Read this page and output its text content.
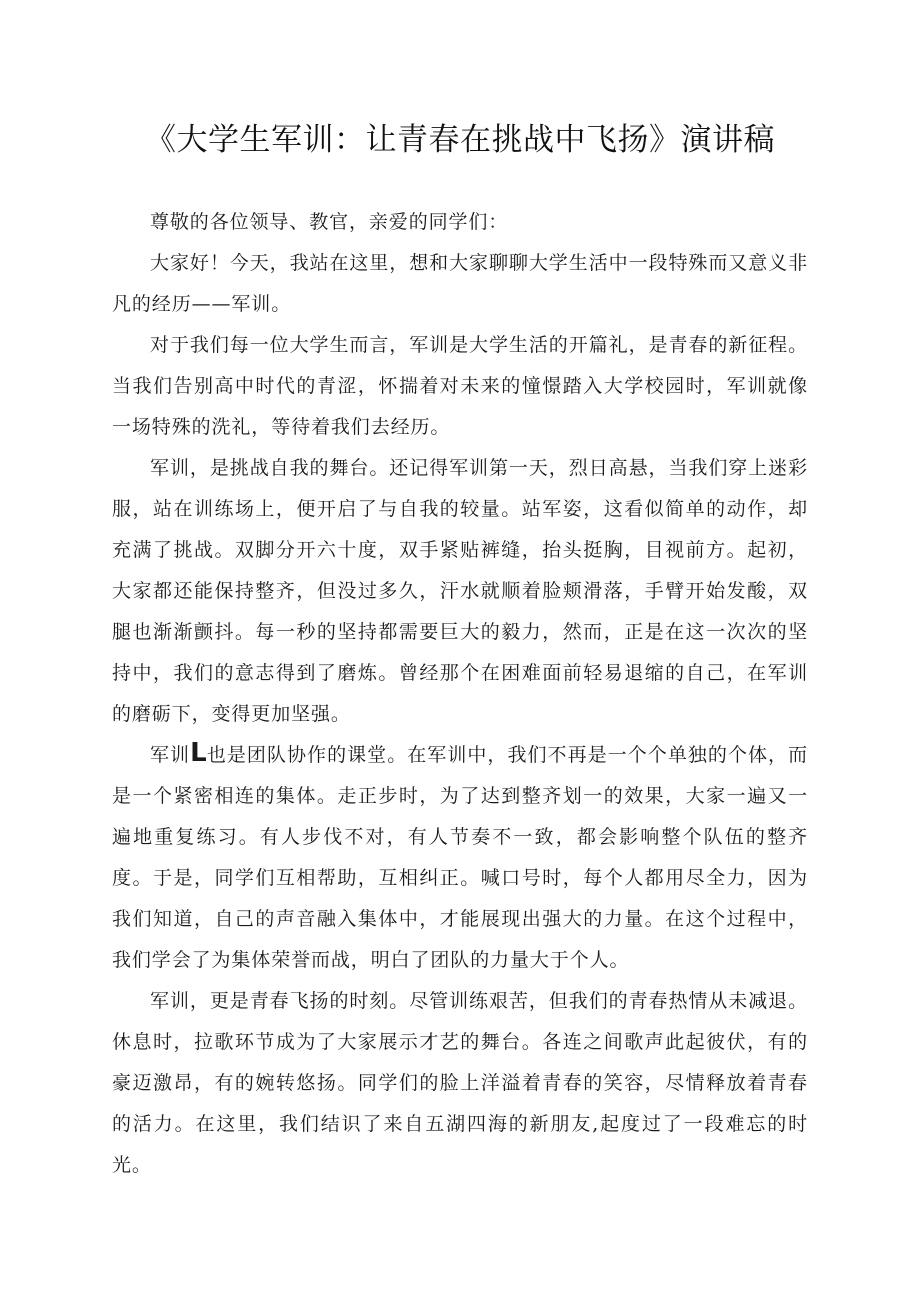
《大学生军训：让青春在挑战中飞扬》演讲稿

尊敬的各位领导、教官，亲爱的同学们：

大家好！今天，我站在这里，想和大家聊聊大学生活中一段特殊而又意义非凡的经历——军训。

对于我们每一位大学生而言，军训是大学生活的开篇礼，是青春的新征程。当我们告别高中时代的青涩，怀揣着对未来的憧憬踏入大学校园时，军训就像一场特殊的洗礼，等待着我们去经历。

军训，是挑战自我的舞台。还记得军训第一天，烈日高悬，当我们穿上迷彩服，站在训练场上，便开启了与自我的较量。站军姿，这看似简单的动作，却充满了挑战。双脚分开六十度，双手紧贴裤缝，抬头挺胸，目视前方。起初，大家都还能保持整齐，但没过多久，汗水就顺着脸颊滑落，手臂开始发酸，双腿也渐渐颤抖。每一秒的坚持都需要巨大的毅力，然而，正是在这一次次的坚持中，我们的意志得到了磨炼。曾经那个在困难面前轻易退缩的自己，在军训的磨砺下，变得更加坚强。

军训L也是团队协作的课堂。在军训中，我们不再是一个个单独的个体，而是一个紧密相连的集体。走正步时，为了达到整齐划一的效果，大家一遍又一遍地重复练习。有人步伐不对，有人节奏不一致，都会影响整个队伍的整齐度。于是，同学们互相帮助，互相纠正。喊口号时，每个人都用尽全力，因为我们知道，自己的声音融入集体中，才能展现出强大的力量。在这个过程中，我们学会了为集体荣誉而战，明白了团队的力量大于个人。

军训，更是青春飞扬的时刻。尽管训练艰苦，但我们的青春热情从未减退。休息时，拉歌环节成为了大家展示才艺的舞台。各连之间歌声此起彼伏，有的豪迈激昂，有的婉转悠扬。同学们的脸上洋溢着青春的笑容，尽情释放着青春的活力。在这里，我们结识了来自五湖四海的新朋友,起度过了一段难忘的时光。
